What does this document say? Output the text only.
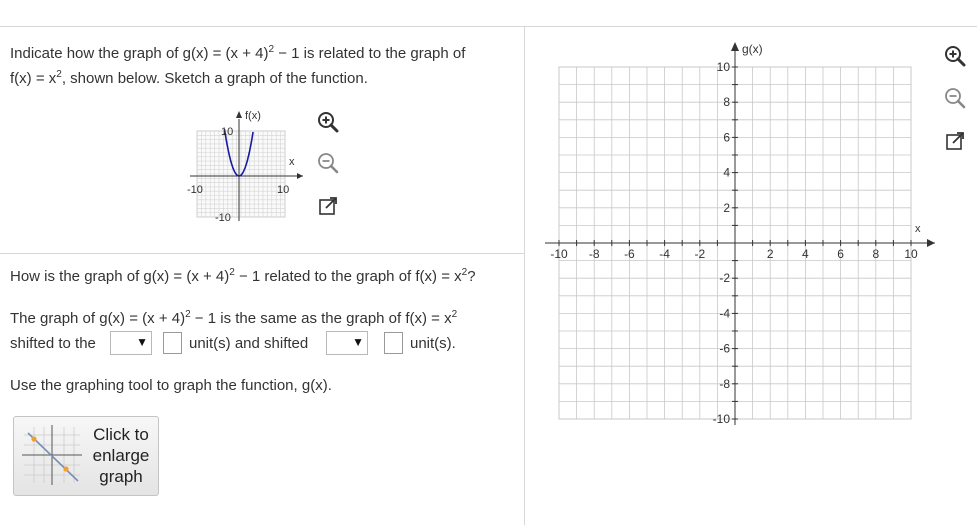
Indicate how the graph of $g(x) = (x + 4)^2 - 1$ is related to the graph of
$f(x) = x^2$, shown below. Sketch a graph of the function.
f(x)
x
10
-10
-10	10
How is the graph of $g(x) = (x + 4)^2 - 1$ related to the graph of $f(x) = x^2$?
The graph of $g(x) = (x + 4)^2 - 1$ is the same as the graph of $f(x) = x^2$
shifted to the	▼	unit(s) and shifted	▼	unit(s).
Use the graphing tool to graph the function, g(x).
Click to
enlarge
graph
-10 -8 -6 -4 -2	2 4 6 8 10
10
8
6
4
2
-2
-4
-6
-8
-10
g(x)
x
